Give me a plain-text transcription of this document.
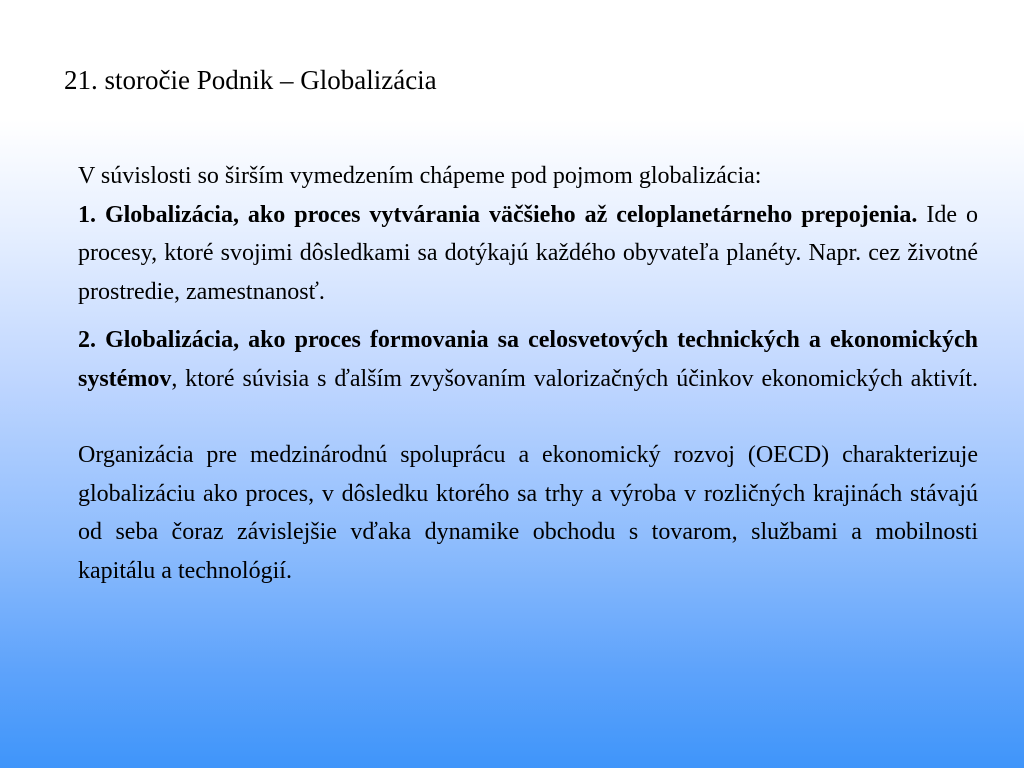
21. storočie Podnik – Globalizácia

V súvislosti so širším vymedzením chápeme pod pojmom globalizácia:

1. Globalizácia, ako proces vytvárania väčšieho až celoplanetárneho prepojenia. Ide o procesy, ktoré svojimi dôsledkami sa dotýkajú každého obyvateľa planéty. Napr. cez životné prostredie, zamestnanosť.

2. Globalizácia, ako proces formovania sa celosvetových technických a ekonomických systémov, ktoré súvisia s ďalším zvyšovaním valorizačných účinkov ekonomických aktivít.

Organizácia pre medzinárodnú spoluprácu a ekonomický rozvoj (OECD) charakterizuje globalizáciu ako proces, v dôsledku ktorého sa trhy a výroba v rozličných krajinách stávajú od seba čoraz závislejšie vďaka dynamike obchodu s tovarom, službami a mobilnosti kapitálu a technológií.
